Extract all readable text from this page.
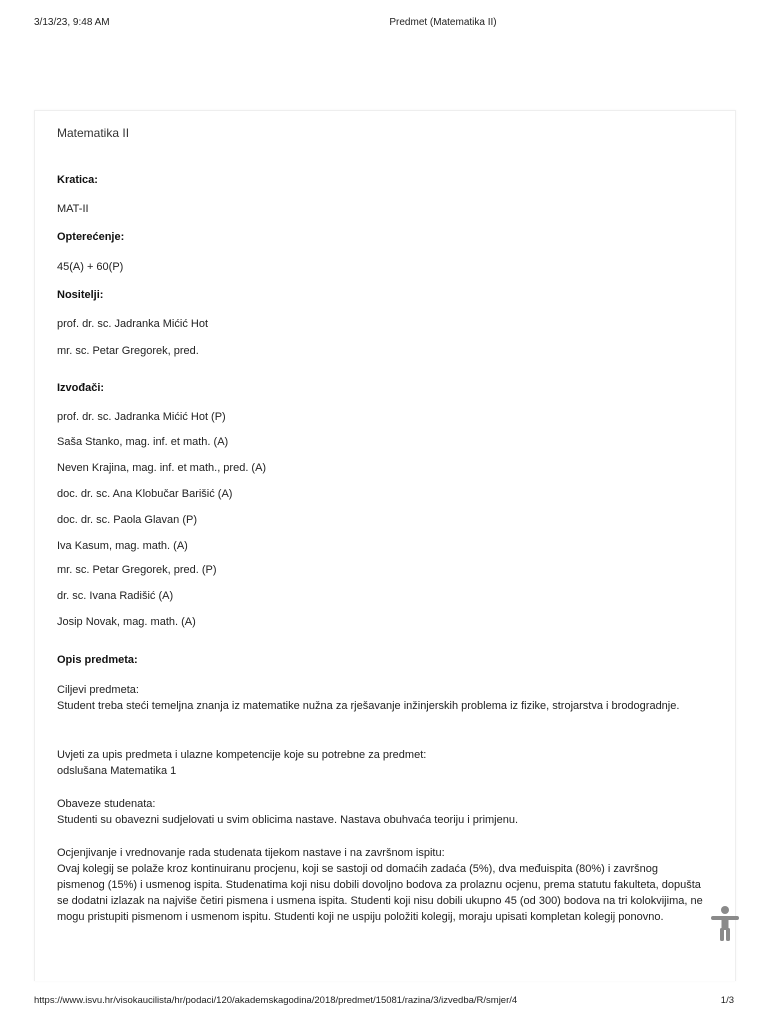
3/13/23, 9:48 AM	Predmet (Matematika II)
Matematika II
Kratica:
MAT-II
Opterećenje:
45(A) + 60(P)
Nositelji:
prof. dr. sc. Jadranka Mićić Hot
mr. sc. Petar Gregorek, pred.
Izvođači:
prof. dr. sc. Jadranka Mićić Hot (P)
Saša Stanko, mag. inf. et math. (A)
Neven Krajina, mag. inf. et math., pred. (A)
doc. dr. sc. Ana Klobučar Barišić (A)
doc. dr. sc. Paola Glavan (P)
Iva Kasum, mag. math. (A)
mr. sc. Petar Gregorek, pred. (P)
dr. sc. Ivana Radišić (A)
Josip Novak, mag. math. (A)
Opis predmeta:

Ciljevi predmeta:

Student treba steći temeljna znanja iz matematike nužna za rješavanje inžinjerskih problema iz fizike, strojarstva i brodogradnje.

Uvjeti za upis predmeta i ulazne kompetencije koje su potrebne za predmet:

odslušana Matematika 1

Obaveze studenata:

Studenti su obavezni sudjelovati u svim oblicima nastave. Nastava obuhvaća teoriju i primjenu.

Ocjenjivanje i vrednovanje rada studenata tijekom nastave i na završnom ispitu:

Ovaj kolegij se polaže kroz kontinuiranu procjenu, koji se sastoji od domaćih zadaća (5%), dva međuispita (80%) i završnog pismenog (15%) i usmenog ispita. Studenatima koji nisu dobili dovoljno bodova za prolaznu ocjenu, prema statutu fakulteta, dopušta se dodatni izlazak na najviše četiri pismena i usmena ispita. Studenti koji nisu dobili ukupno 45 (od 300) bodova na tri kolokvijima, ne mogu pristupiti pismenom i usmenom ispitu. Studenti koji ne uspiju položiti kolegij, moraju upisati kompletan kolegij ponovno.

https://www.isvu.hr/visokaucilista/hr/podaci/120/akademskagodina/2018/predmet/15081/razina/3/izvedba/R/smjer/4	1/3
